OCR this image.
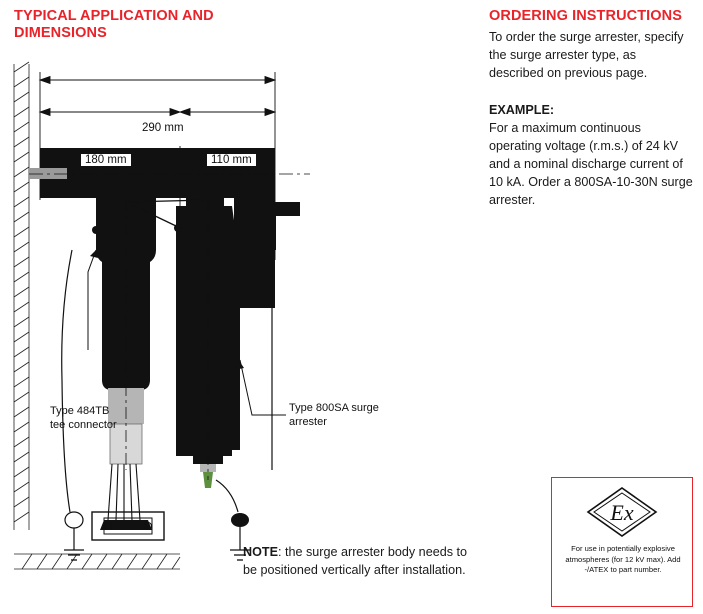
TYPICAL APPLICATION AND DIMENSIONS
ORDERING INSTRUCTIONS
To order the surge arrester, specify the surge arrester type, as described on previous page.
EXAMPLE:
For a maximum continuous operating voltage (r.m.s.) of 24 kV and a nominal discharge current of 10 kA. Order a 800SA-10-30N surge arrester.
Ex
For use in potentially explosive atmospheres (for 12 kV max). Add -/ATEX to part number.
NOTE: the surge arrester body needs to be positioned vertically after installation.
290 mm
180 mm	110 mm
Type 484TB tee connector
Type 800SA surge arrester
